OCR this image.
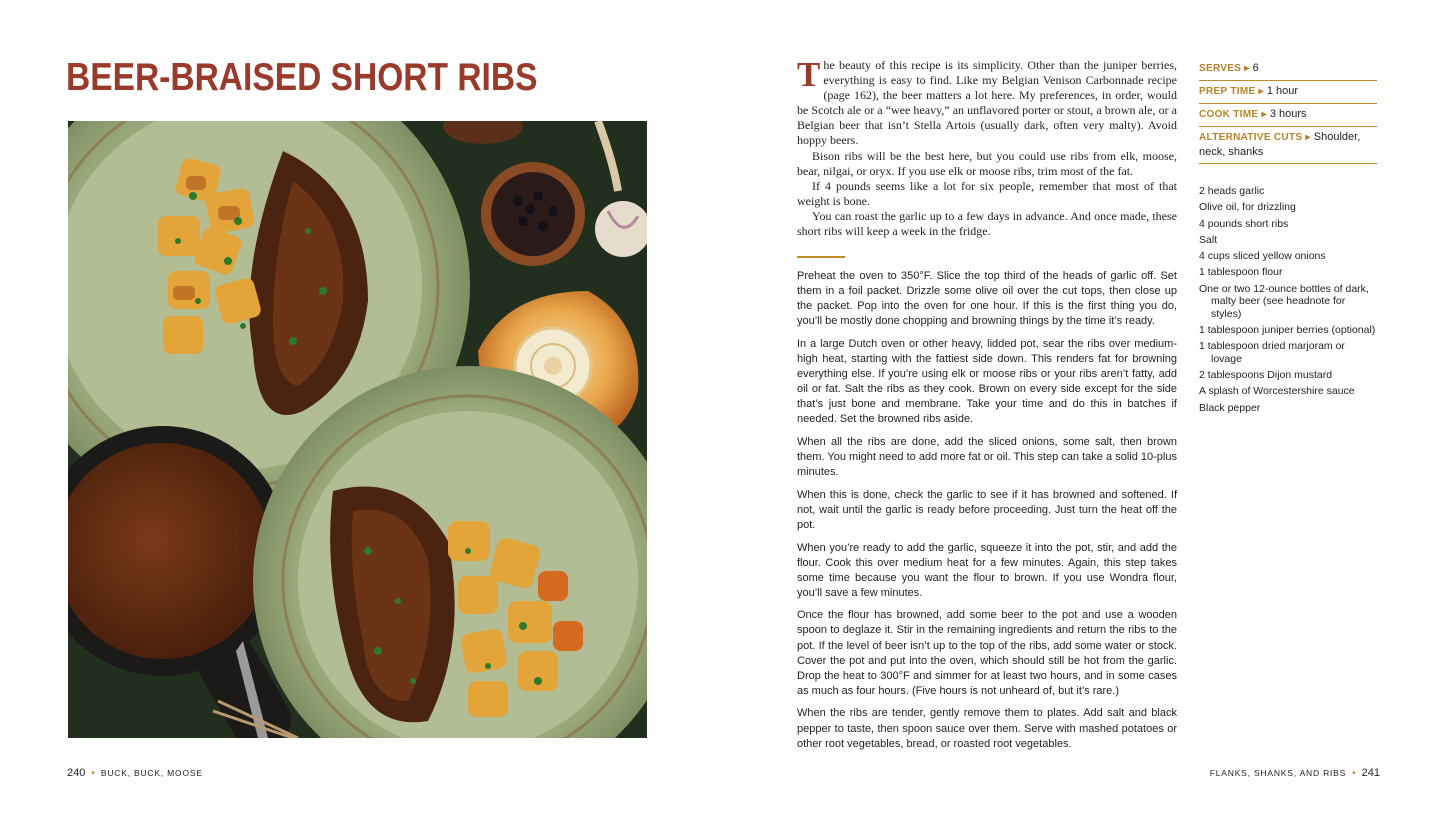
BEER-BRAISED SHORT RIBS	The beauty of this recipe is its simplicity. Other than the juniper berries, everything is easy to find. Like my Belgian Venison Carbonnade recipe (page 162), the beer matters a lot here. My preferences, in order, would be Scotch ale or a “wee heavy,” an unflavored porter or stout, a brown ale, or a Belgian beer that isn’t Stella Artois (usually dark, often very malty). Avoid hoppy beers.

Bison ribs will be the best here, but you could use ribs from elk, moose, bear, nilgai, or oryx. If you use elk or moose ribs, trim most of the fat.

If 4 pounds seems like a lot for six people, remember that most of that weight is bone.

You can roast the garlic up to a few days in advance. And once made, these short ribs will keep a week in the fridge.

Preheat the oven to 350°F. Slice the top third of the heads of garlic off. Set them in a foil packet. Drizzle some olive oil over the cut tops, then close up the packet. Pop into the oven for one hour. If this is the first thing you do, you’ll be mostly done chopping and browning things by the time it’s ready.

In a large Dutch oven or other heavy, lidded pot, sear the ribs over medium-high heat, starting with the fattiest side down. This renders fat for browning everything else. If you’re using elk or moose ribs or your ribs aren’t fatty, add oil or fat. Salt the ribs as they cook. Brown on every side except for the side that’s just bone and membrane. Take your time and do this in batches if needed. Set the browned ribs aside.

When all the ribs are done, add the sliced onions, some salt, then brown them. You might need to add more fat or oil. This step can take a solid 10-plus minutes.

When this is done, check the garlic to see if it has browned and softened. If not, wait until the garlic is ready before proceeding. Just turn the heat off the pot.

When you’re ready to add the garlic, squeeze it into the pot, stir, and add the flour. Cook this over medium heat for a few minutes. Again, this step takes some time because you want the flour to brown. If you use Wondra flour, you’ll save a few minutes.

Once the flour has browned, add some beer to the pot and use a wooden spoon to deglaze it. Stir in the remaining ingredients and return the ribs to the pot. If the level of beer isn’t up to the top of the ribs, add some water or stock. Cover the pot and put into the oven, which should still be hot from the garlic. Drop the heat to 300°F and simmer for at least two hours, and in some cases as much as four hours. (Five hours is not unheard of, but it’s rare.)

When the ribs are tender, gently remove them to plates. Add salt and black pepper to taste, then spoon sauce over them. Serve with mashed potatoes or other root vegetables, bread, or roasted root vegetables.

SERVES ▸ 6
PREP TIME ▸ 1 hour
COOK TIME ▸ 3 hours
ALTERNATIVE CUTS ▸ Shoulder, neck, shanks
2 heads garlic
Olive oil, for drizzling
4 pounds short ribs
Salt
4 cups sliced yellow onions
1 tablespoon flour
One or two 12-ounce bottles of dark, malty beer (see headnote for styles)
1 tablespoon juniper berries (optional)
1 tablespoon dried marjoram or lovage
2 tablespoons Dijon mustard
A splash of Worcestershire sauce
Black pepper
240 • BUCK, BUCK, MOOSE	FLANKS, SHANKS, AND RIBS • 241
